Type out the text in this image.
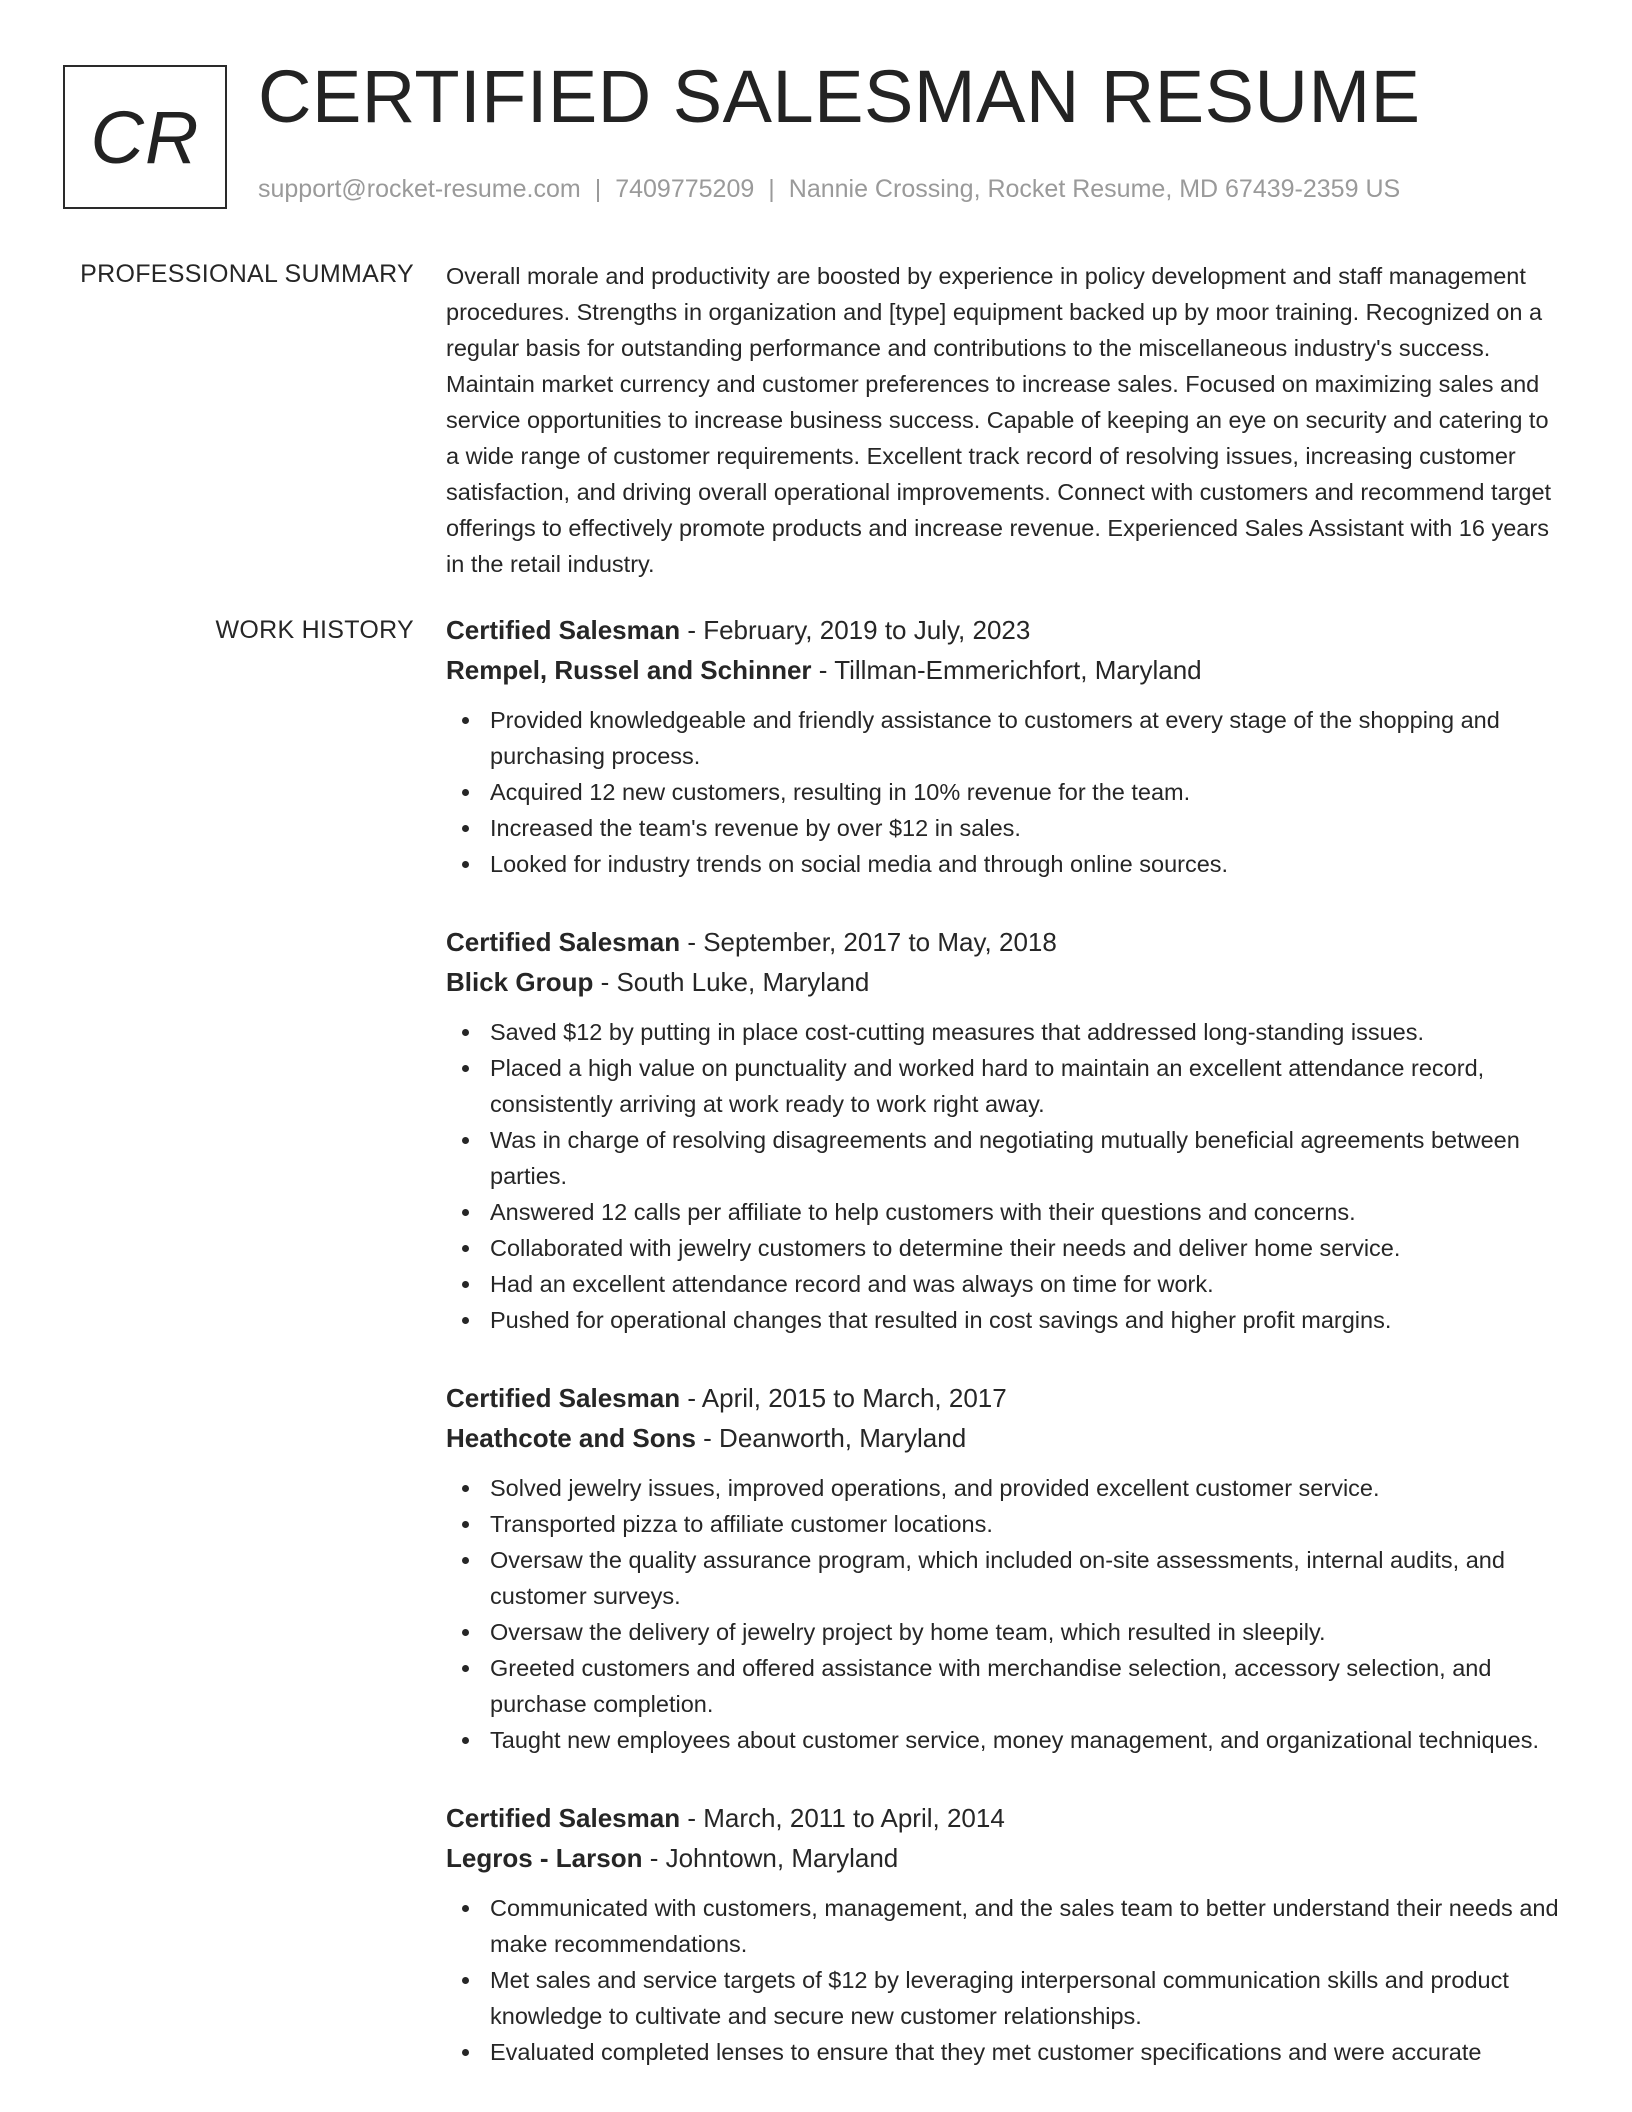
CR CERTIFIED SALESMAN RESUME
support@rocket-resume.com | 7409775209 | Nannie Crossing, Rocket Resume, MD 67439-2359 US
PROFESSIONAL SUMMARY Overall morale and productivity are boosted by experience in policy development and staff management procedures. Strengths in organization and [type] equipment backed up by moor training. Recognized on a regular basis for outstanding performance and contributions to the miscellaneous industry's success. Maintain market currency and customer preferences to increase sales. Focused on maximizing sales and service opportunities to increase business success. Capable of keeping an eye on security and catering to a wide range of customer requirements. Excellent track record of resolving issues, increasing customer satisfaction, and driving overall operational improvements. Connect with customers and recommend target offerings to effectively promote products and increase revenue. Experienced Sales Assistant with 16 years in the retail industry.

WORK HISTORY Certified Salesman - February, 2019 to July, 2023
Rempel, Russel and Schinner - Tillman-Emmerichfort, Maryland
Provided knowledgeable and friendly assistance to customers at every stage of the shopping and purchasing process.
Acquired 12 new customers, resulting in 10% revenue for the team.
Increased the team's revenue by over $12 in sales.
Looked for industry trends on social media and through online sources.
Certified Salesman - September, 2017 to May, 2018
Blick Group - South Luke, Maryland
Saved $12 by putting in place cost-cutting measures that addressed long-standing issues.
Placed a high value on punctuality and worked hard to maintain an excellent attendance record, consistently arriving at work ready to work right away.
Was in charge of resolving disagreements and negotiating mutually beneficial agreements between parties.
Answered 12 calls per affiliate to help customers with their questions and concerns.
Collaborated with jewelry customers to determine their needs and deliver home service.
Had an excellent attendance record and was always on time for work.
Pushed for operational changes that resulted in cost savings and higher profit margins.
Certified Salesman - April, 2015 to March, 2017
Heathcote and Sons - Deanworth, Maryland
Solved jewelry issues, improved operations, and provided excellent customer service.
Transported pizza to affiliate customer locations.
Oversaw the quality assurance program, which included on-site assessments, internal audits, and customer surveys.
Oversaw the delivery of jewelry project by home team, which resulted in sleepily.
Greeted customers and offered assistance with merchandise selection, accessory selection, and purchase completion.
Taught new employees about customer service, money management, and organizational techniques.
Certified Salesman - March, 2011 to April, 2014
Legros - Larson - Johntown, Maryland
Communicated with customers, management, and the sales team to better understand their needs and make recommendations.
Met sales and service targets of $12 by leveraging interpersonal communication skills and product knowledge to cultivate and secure new customer relationships.
Evaluated completed lenses to ensure that they met customer specifications and were accurate
